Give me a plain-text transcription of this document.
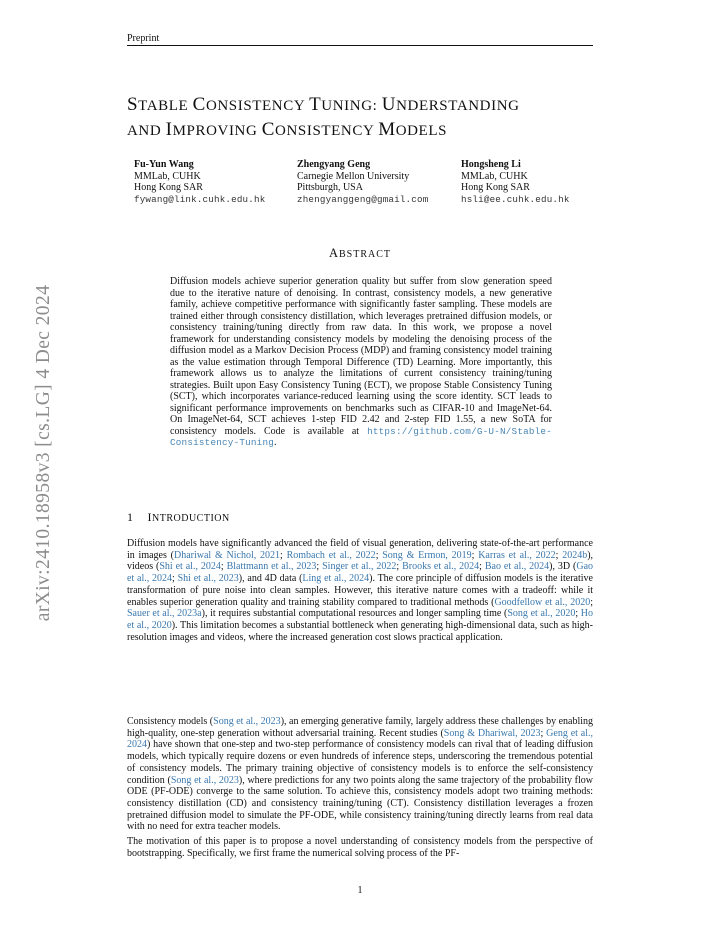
Preprint
arXiv:2410.18958v3 [cs.LG] 4 Dec 2024
STABLE CONSISTENCY TUNING: UNDERSTANDING
AND IMPROVING CONSISTENCY MODELS
Fu-Yun Wang
MMLab, CUHK
Hong Kong SAR
fywang@link.cuhk.edu.hk
Zhengyang Geng
Carnegie Mellon University
Pittsburgh, USA
zhengyanggeng@gmail.com
Hongsheng Li
MMLab, CUHK
Hong Kong SAR
hsli@ee.cuhk.edu.hk
ABSTRACT
Diffusion models achieve superior generation quality but suffer from slow generation speed due to the iterative nature of denoising. In contrast, consistency models, a new generative family, achieve competitive performance with significantly faster sampling. These models are trained either through consistency distillation, which leverages pretrained diffusion models, or consistency training/tuning directly from raw data. In this work, we propose a novel framework for understanding consistency models by modeling the denoising process of the diffusion model as a Markov Decision Process (MDP) and framing consistency model training as the value estimation through Temporal Difference (TD) Learning. More importantly, this framework allows us to analyze the limitations of current consistency training/tuning strategies. Built upon Easy Consistency Tuning (ECT), we propose Stable Consistency Tuning (SCT), which incorporates variance-reduced learning using the score identity. SCT leads to significant performance improvements on benchmarks such as CIFAR-10 and ImageNet-64. On ImageNet-64, SCT achieves 1-step FID 2.42 and 2-step FID 1.55, a new SoTA for consistency models. Code is available at https://github.com/G-U-N/Stable-Consistency-Tuning.
1 INTRODUCTION
Diffusion models have significantly advanced the field of visual generation, delivering state-of-the-art performance in images (Dhariwal & Nichol, 2021; Rombach et al., 2022; Song & Ermon, 2019; Karras et al., 2022; 2024b), videos (Shi et al., 2024; Blattmann et al., 2023; Singer et al., 2022; Brooks et al., 2024; Bao et al., 2024), 3D (Gao et al., 2024; Shi et al., 2023), and 4D data (Ling et al., 2024). The core principle of diffusion models is the iterative transformation of pure noise into clean samples. However, this iterative nature comes with a tradeoff: while it enables superior generation quality and training stability compared to traditional methods (Goodfellow et al., 2020; Sauer et al., 2023a), it requires substantial computational resources and longer sampling time (Song et al., 2020; Ho et al., 2020). This limitation becomes a substantial bottleneck when generating high-dimensional data, such as high-resolution images and videos, where the increased generation cost slows practical application.
Consistency models (Song et al., 2023), an emerging generative family, largely address these challenges by enabling high-quality, one-step generation without adversarial training. Recent studies (Song & Dhariwal, 2023; Geng et al., 2024) have shown that one-step and two-step performance of consistency models can rival that of leading diffusion models, which typically require dozens or even hundreds of inference steps, underscoring the tremendous potential of consistency models. The primary training objective of consistency models is to enforce the self-consistency condition (Song et al., 2023), where predictions for any two points along the same trajectory of the probability flow ODE (PF-ODE) converge to the same solution. To achieve this, consistency models adopt two training methods: consistency distillation (CD) and consistency training/tuning (CT). Consistency distillation leverages a frozen pretrained diffusion model to simulate the PF-ODE, while consistency training/tuning directly learns from real data with no need for extra teacher models.
The motivation of this paper is to propose a novel understanding of consistency models from the perspective of bootstrapping. Specifically, we first frame the numerical solving process of the PF-
1
